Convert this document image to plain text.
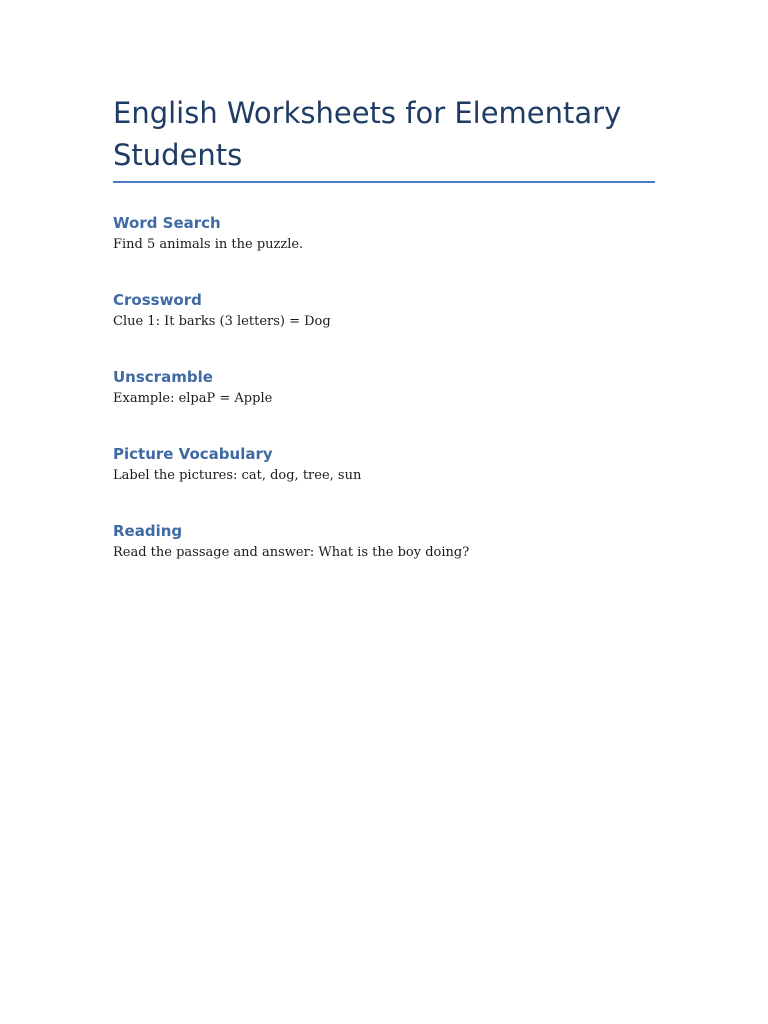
English Worksheets for Elementary Students
Word Search

Find 5 animals in the puzzle.

Crossword

Clue 1: It barks (3 letters) = Dog

Unscramble

Example: elpaP = Apple

Picture Vocabulary

Label the pictures: cat, dog, tree, sun

Reading

Read the passage and answer: What is the boy doing?
